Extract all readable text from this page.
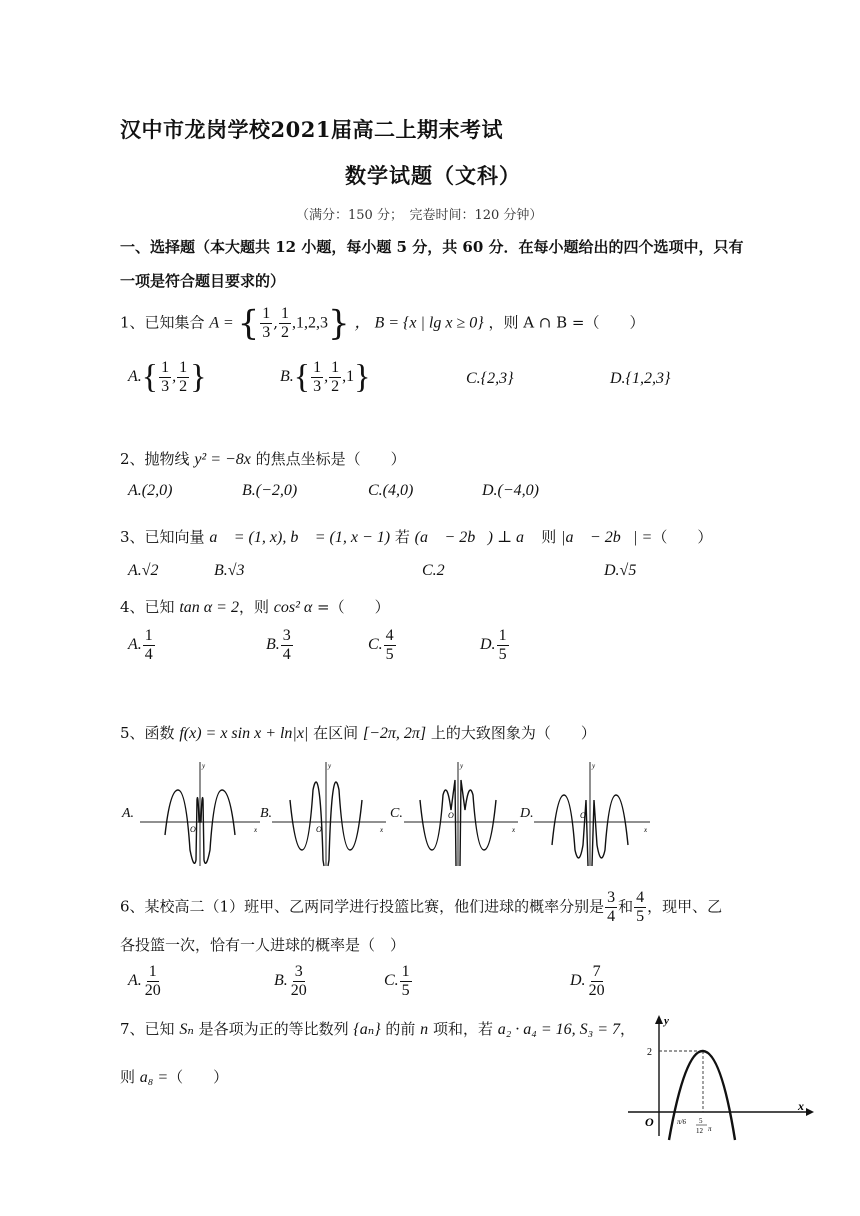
汉中市龙岗学校2021届高二上期末考试
数学试题（文科）
（满分：150 分；　完卷时间：120 分钟）
一、选择题（本大题共 12 小题，每小题 5 分，共 60 分．在每小题给出的四个选项中，只有
一项是符合题目要求的）
1、已知集合 A = { $\frac{1}{3}$ , $\frac{1}{2} ,1,2,3$} ， B = {x | lg x ≥ 0} ，则 A ∩ B =（　　）
$A.\{ \frac{1}{3}$ , $\frac{1}{2}$ }	$B.\{ \frac{1}{3}$ , $\frac{1}{2} ,1$}	C.{2,3}	D.{1,2,3}
2、抛物线 y² = −8x 的焦点坐标是（　　）
A.(2,0)	B.(−2,0)	C.(4,0)	D.(−4,0)
3、已知向量 a⃗ = (1, x), b⃗ = (1, x − 1) 若 (a⃗ − 2b⃗) ⊥ a⃗ 则 |a⃗ − 2b⃗| =（　　）
A.√2	B.√3	C.2	D.√5
4、已知 tan α = 2，则 cos² α =（　　）
A. $\frac{1}{4}$	B. $\frac{3}{4}$	C. $\frac{4}{5}$	D. $\frac{1}{5}$
5、函数 f(x) = x sin x + ln|x| 在区间 [−2π, 2π] 上的大致图象为（　　）
A.	B.	C.	D.
O
y
x	O
y
x
O
y
x
O
y
x
y
x
O
2
π/6 5
12 π
6、某校高二（1）班甲、乙两同学进行投篮比赛，他们进球的概率分别是 $\frac{3}{4}$ 和 $\frac{4}{5}$ ，现甲、乙
各投篮一次，恰有一人进球的概率是（　）
A. $\frac{1}{20}$	B. $\frac{3}{20}$	C. $\frac{1}{5}$	D. $\frac{7}{20}$
7、已知 Sₙ 是各项为正的等比数列 {aₙ} 的前 n 项和，若 a₂ · a₄ = 16, S₃ = 7，
则 a₈ =（　　）
